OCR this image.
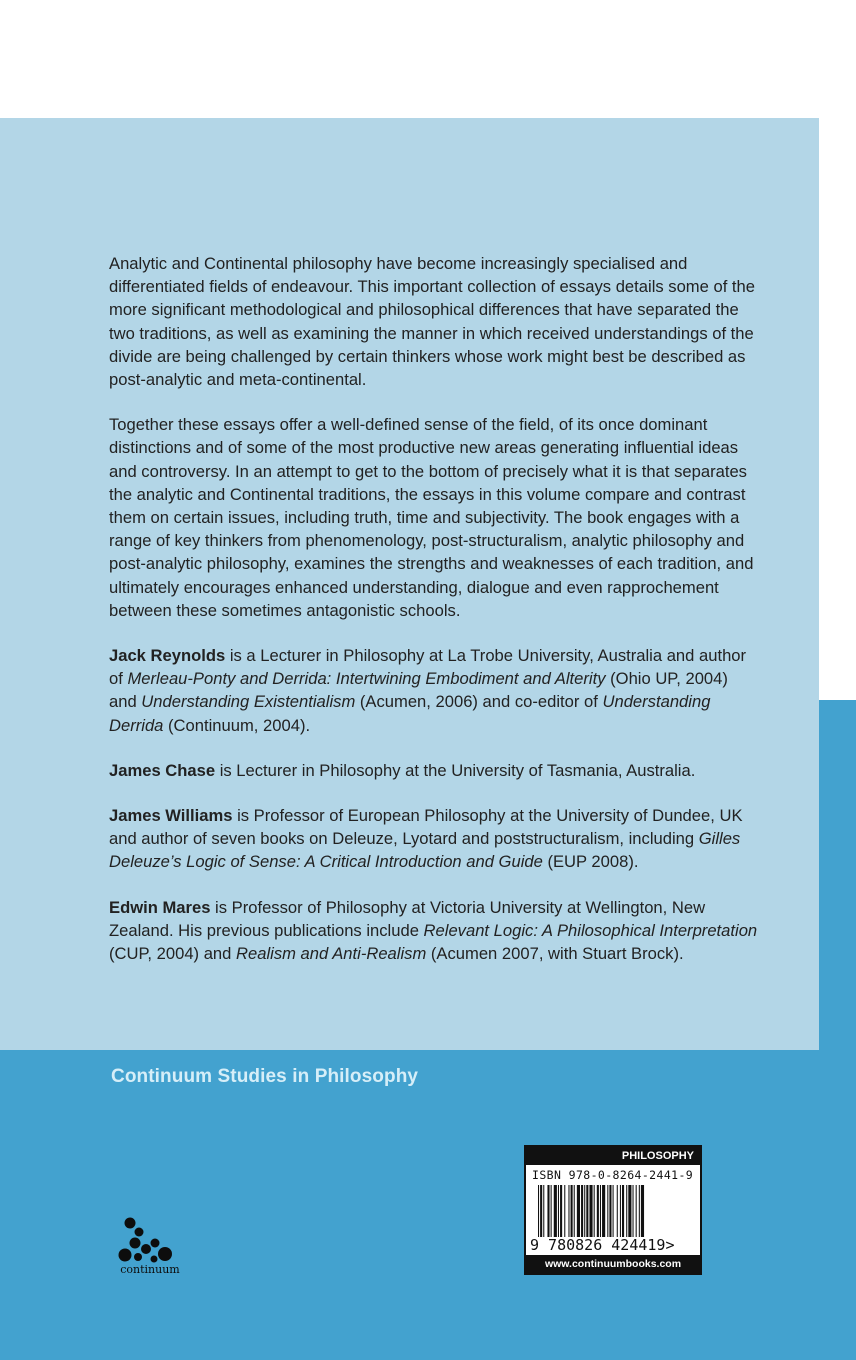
Analytic and Continental philosophy have become increasingly specialised and differentiated fields of endeavour. This important collection of essays details some of the more significant methodological and philosophical differences that have separated the two traditions, as well as examining the manner in which received understandings of the divide are being challenged by certain thinkers whose work might best be described as post-analytic and meta-continental.

Together these essays offer a well-defined sense of the field, of its once dominant distinctions and of some of the most productive new areas generating influential ideas and controversy. In an attempt to get to the bottom of precisely what it is that separates the analytic and Continental traditions, the essays in this volume compare and contrast them on certain issues, including truth, time and subjectivity. The book engages with a range of key thinkers from phenomenology, post-structuralism, analytic philosophy and post-analytic philosophy, examines the strengths and weaknesses of each tradition, and ultimately encourages enhanced understanding, dialogue and even rapprochement between these sometimes antagonistic schools.

Jack Reynolds is a Lecturer in Philosophy at La Trobe University, Australia and author of Merleau-Ponty and Derrida: Intertwining Embodiment and Alterity (Ohio UP, 2004) and Understanding Existentialism (Acumen, 2006) and co-editor of Understanding Derrida (Continuum, 2004).

James Chase is Lecturer in Philosophy at the University of Tasmania, Australia.

James Williams is Professor of European Philosophy at the University of Dundee, UK and author of seven books on Deleuze, Lyotard and poststructuralism, including Gilles Deleuze’s Logic of Sense: A Critical Introduction and Guide (EUP 2008).

Edwin Mares is Professor of Philosophy at Victoria University at Wellington, New Zealand. His previous publications include Relevant Logic: A Philosophical Interpretation (CUP, 2004) and Realism and Anti-Realism (Acumen 2007, with Stuart Brock).

Continuum Studies in Philosophy
continuum
PHILOSOPHY
ISBN 978-0-8264-2441-9
9 780826 424419>
www.continuumbooks.com
